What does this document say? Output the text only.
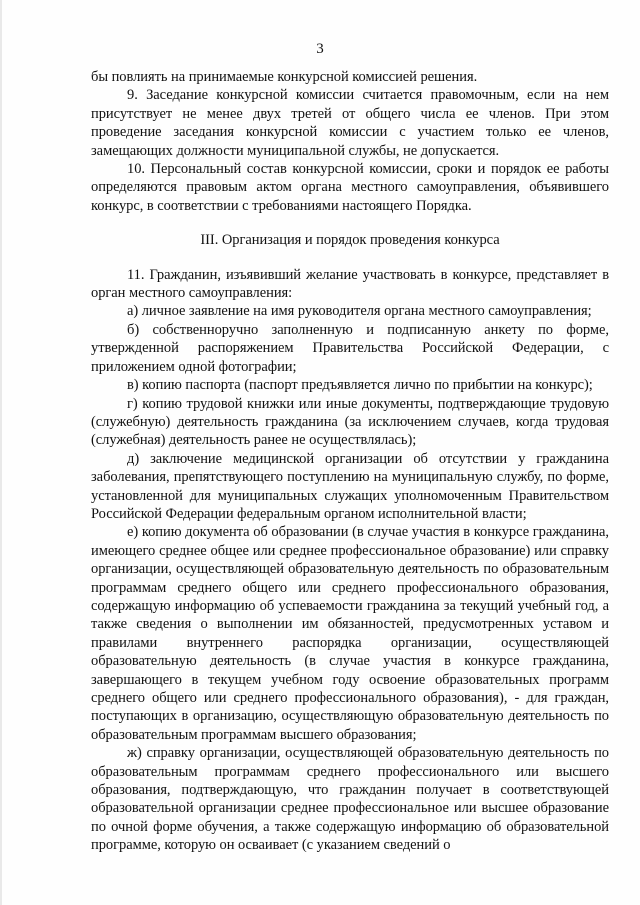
3

бы повлиять на принимаемые конкурсной комиссией решения.

9. Заседание конкурсной комиссии считается правомочным, если на нем присутствует не менее двух третей от общего числа ее членов. При этом проведение заседания конкурсной комиссии с участием только ее членов, замещающих должности муниципальной службы, не допускается.

10. Персональный состав конкурсной комиссии, сроки и порядок ее работы определяются правовым актом органа местного самоуправления, объявившего конкурс, в соответствии с требованиями настоящего Порядка.

III. Организация и порядок проведения конкурса

11. Гражданин, изъявивший желание участвовать в конкурсе, представляет в орган местного самоуправления:

а) личное заявление на имя руководителя органа местного самоуправления;

б) собственноручно заполненную и подписанную анкету по форме, утвержденной распоряжением Правительства Российской Федерации, с приложением одной фотографии;

в) копию паспорта (паспорт предъявляется лично по прибытии на конкурс);

г) копию трудовой книжки или иные документы, подтверждающие трудовую (служебную) деятельность гражданина (за исключением случаев, когда трудовая (служебная) деятельность ранее не осуществлялась);

д) заключение медицинской организации об отсутствии у гражданина заболевания, препятствующего поступлению на муниципальную службу, по форме, установленной для муниципальных служащих уполномоченным Правительством Российской Федерации федеральным органом исполнительной власти;

е) копию документа об образовании (в случае участия в конкурсе гражданина, имеющего среднее общее или среднее профессиональное образование) или справку организации, осуществляющей образовательную деятельность по образовательным программам среднего общего или среднего профессионального образования, содержащую информацию об успеваемости гражданина за текущий учебный год, а также сведения о выполнении им обязанностей, предусмотренных уставом и правилами внутреннего распорядка организации, осуществляющей образовательную деятельность (в случае участия в конкурсе гражданина, завершающего в текущем учебном году освоение образовательных программ среднего общего или среднего профессионального образования), - для граждан, поступающих в организацию, осуществляющую образовательную деятельность по образовательным программам высшего образования;

ж) справку организации, осуществляющей образовательную деятельность по образовательным программам среднего профессионального или высшего образования, подтверждающую, что гражданин получает в соответствующей образовательной организации среднее профессиональное или высшее образование по очной форме обучения, а также содержащую информацию об образовательной программе, которую он осваивает (с указанием сведений о
